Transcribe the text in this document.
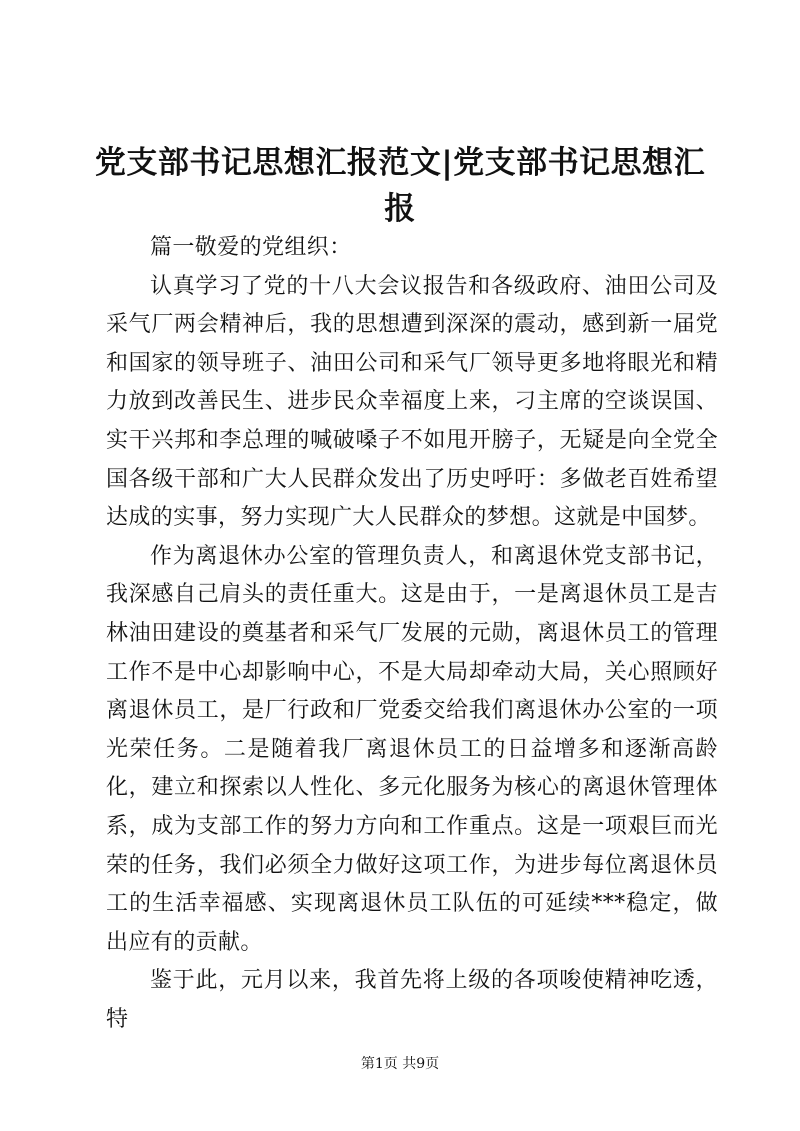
党支部书记思想汇报范文|党支部书记思想汇报

篇一敬爱的党组织：

认真学习了党的十八大会议报告和各级政府、油田公司及采气厂两会精神后，我的思想遭到深深的震动，感到新一届党和国家的领导班子、油田公司和采气厂领导更多地将眼光和精力放到改善民生、进步民众幸福度上来，刁主席的空谈误国、实干兴邦和李总理的喊破嗓子不如甩开膀子，无疑是向全党全国各级干部和广大人民群众发出了历史呼吁：多做老百姓希望达成的实事，努力实现广大人民群众的梦想。这就是中国梦。

作为离退休办公室的管理负责人，和离退休党支部书记，我深感自己肩头的责任重大。这是由于，一是离退休员工是吉林油田建设的奠基者和采气厂发展的元勋，离退休员工的管理工作不是中心却影响中心，不是大局却牵动大局，关心照顾好离退休员工，是厂行政和厂党委交给我们离退休办公室的一项光荣任务。二是随着我厂离退休员工的日益增多和逐渐高龄化，建立和探索以人性化、多元化服务为核心的离退休管理体系，成为支部工作的努力方向和工作重点。这是一项艰巨而光荣的任务，我们必须全力做好这项工作，为进步每位离退休员工的生活幸福感、实现离退休员工队伍的可延续***稳定，做出应有的贡献。

鉴于此，元月以来，我首先将上级的各项唆使精神吃透，特

第1页 共9页
